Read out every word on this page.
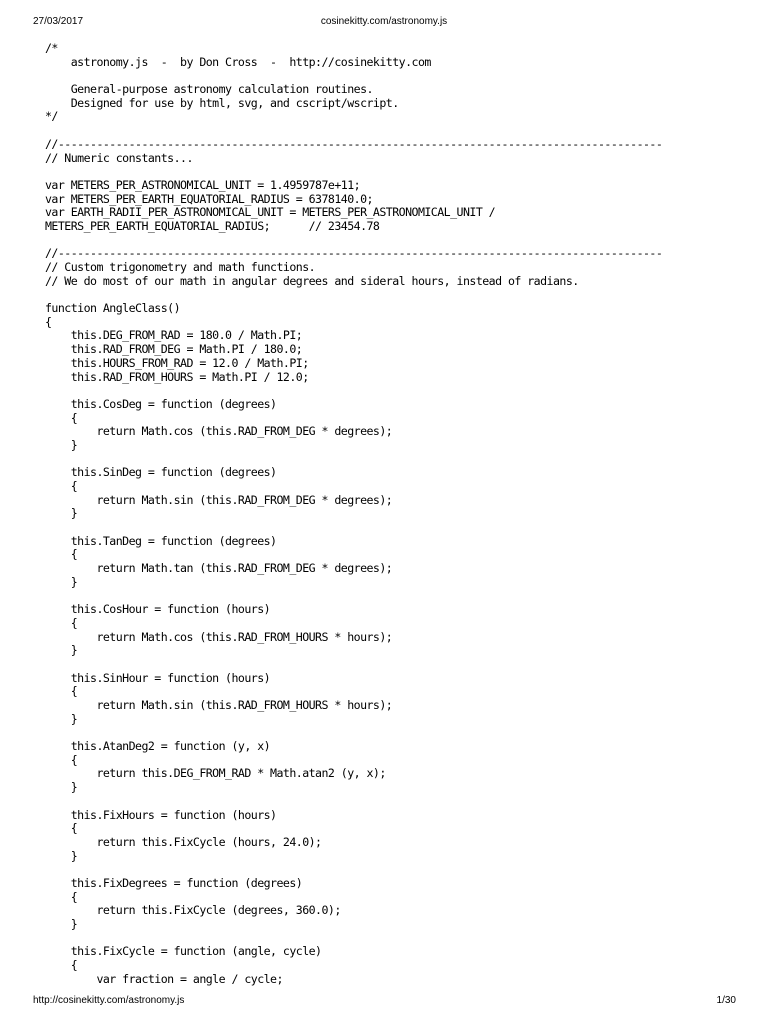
27/03/2017	cosinekitty.com/astronomy.js
/*
astronomy.js  -  by Don Cross  -  http://cosinekitty.com
General-purpose astronomy calculation routines.
Designed for use by html, svg, and cscript/wscript.
*/
//----------------------------------------------------------------------------------------------
// Numeric constants...
var METERS_PER_ASTRONOMICAL_UNIT = 1.4959787e+11;
var METERS_PER_EARTH_EQUATORIAL_RADIUS = 6378140.0;
var EARTH_RADII_PER_ASTRONOMICAL_UNIT = METERS_PER_ASTRONOMICAL_UNIT /
METERS_PER_EARTH_EQUATORIAL_RADIUS;      // 23454.78
//----------------------------------------------------------------------------------------------
// Custom trigonometry and math functions.
// We do most of our math in angular degrees and sideral hours, instead of radians.
function AngleClass()
{
this.DEG_FROM_RAD = 180.0 / Math.PI;
this.RAD_FROM_DEG = Math.PI / 180.0;
this.HOURS_FROM_RAD = 12.0 / Math.PI;
this.RAD_FROM_HOURS = Math.PI / 12.0;
this.CosDeg = function (degrees)
{
return Math.cos (this.RAD_FROM_DEG * degrees);
}
this.SinDeg = function (degrees)
{
return Math.sin (this.RAD_FROM_DEG * degrees);
}
this.TanDeg = function (degrees)
{
return Math.tan (this.RAD_FROM_DEG * degrees);
}
this.CosHour = function (hours)
{
return Math.cos (this.RAD_FROM_HOURS * hours);
}
this.SinHour = function (hours)
{
return Math.sin (this.RAD_FROM_HOURS * hours);
}
this.AtanDeg2 = function (y, x)
{
return this.DEG_FROM_RAD * Math.atan2 (y, x);
}
this.FixHours = function (hours)
{
return this.FixCycle (hours, 24.0);
}
this.FixDegrees = function (degrees)
{
return this.FixCycle (degrees, 360.0);
}
this.FixCycle = function (angle, cycle)
{
var fraction = angle / cycle;
http://cosinekitty.com/astronomy.js	1/30
